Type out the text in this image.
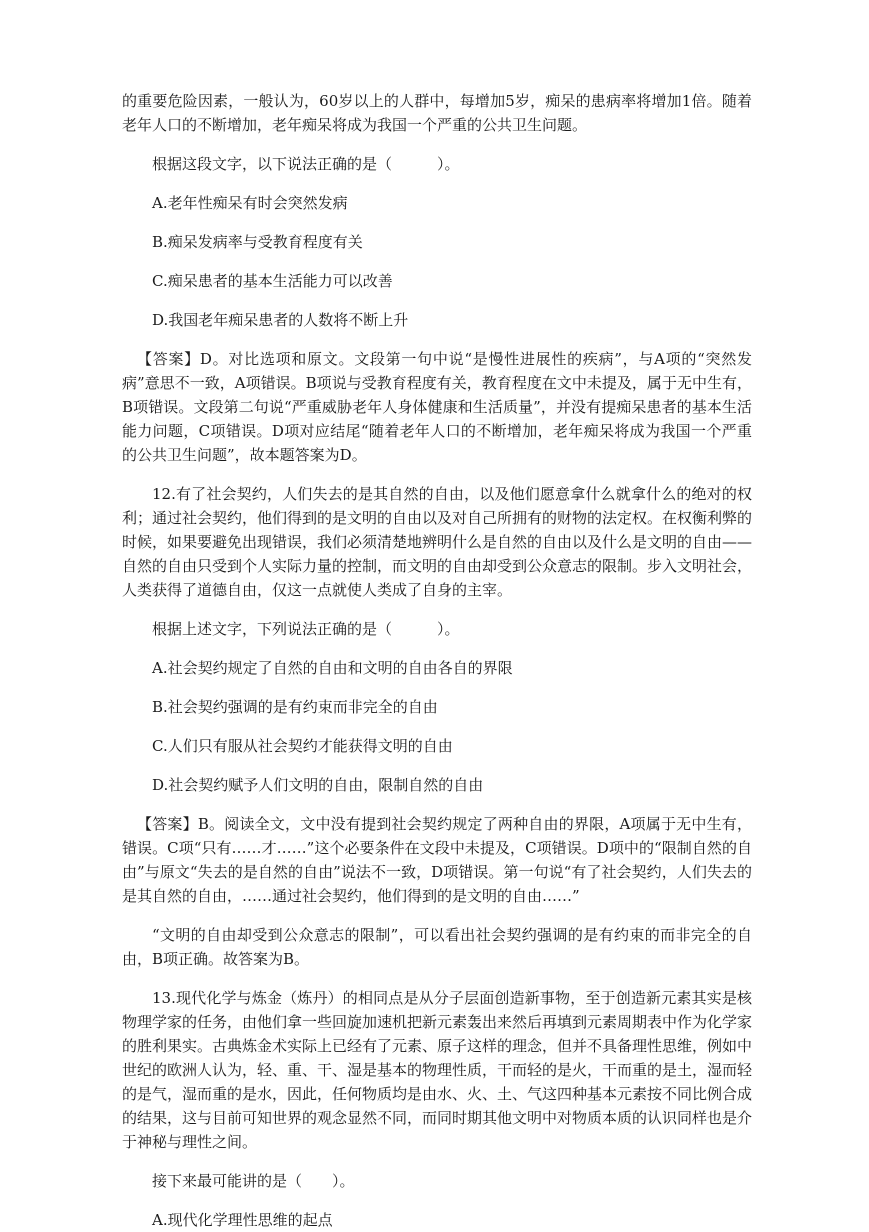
的重要危险因素，一般认为，60岁以上的人群中，每增加5岁，痴呆的患病率将增加1倍。随着老年人口的不断增加，老年痴呆将成为我国一个严重的公共卫生问题。

根据这段文字，以下说法正确的是（　　　）。

A.老年性痴呆有时会突然发病

B.痴呆发病率与受教育程度有关

C.痴呆患者的基本生活能力可以改善

D.我国老年痴呆患者的人数将不断上升

【答案】D。对比选项和原文。文段第一句中说“是慢性进展性的疾病”，与A项的“突然发病”意思不一致，A项错误。B项说与受教育程度有关，教育程度在文中未提及，属于无中生有，B项错误。文段第二句说“严重威胁老年人身体健康和生活质量”，并没有提痴呆患者的基本生活能力问题，C项错误。D项对应结尾“随着老年人口的不断增加，老年痴呆将成为我国一个严重的公共卫生问题”，故本题答案为D。

12.有了社会契约，人们失去的是其自然的自由，以及他们愿意拿什么就拿什么的绝对的权利；通过社会契约，他们得到的是文明的自由以及对自己所拥有的财物的法定权。在权衡利弊的时候，如果要避免出现错误，我们必须清楚地辨明什么是自然的自由以及什么是文明的自由——自然的自由只受到个人实际力量的控制，而文明的自由却受到公众意志的限制。步入文明社会，人类获得了道德自由，仅这一点就使人类成了自身的主宰。

根据上述文字，下列说法正确的是（　　　）。

A.社会契约规定了自然的自由和文明的自由各自的界限

B.社会契约强调的是有约束而非完全的自由

C.人们只有服从社会契约才能获得文明的自由

D.社会契约赋予人们文明的自由，限制自然的自由

【答案】B。阅读全文，文中没有提到社会契约规定了两种自由的界限，A项属于无中生有，错误。C项“只有……才……”这个必要条件在文段中未提及，C项错误。D项中的“限制自然的自由”与原文“失去的是自然的自由”说法不一致，D项错误。第一句说“有了社会契约，人们失去的是其自然的自由，……通过社会契约，他们得到的是文明的自由……”

“文明的自由却受到公众意志的限制”，可以看出社会契约强调的是有约束的而非完全的自由，B项正确。故答案为B。

13.现代化学与炼金（炼丹）的相同点是从分子层面创造新事物，至于创造新元素其实是核物理学家的任务，由他们拿一些回旋加速机把新元素轰出来然后再填到元素周期表中作为化学家的胜利果实。古典炼金术实际上已经有了元素、原子这样的理念，但并不具备理性思维，例如中世纪的欧洲人认为，轻、重、干、湿是基本的物理性质，干而轻的是火，干而重的是土，湿而轻的是气，湿而重的是水，因此，任何物质均是由水、火、土、气这四种基本元素按不同比例合成的结果，这与目前可知世界的观念显然不同，而同时期其他文明中对物质本质的认识同样也是介于神秘与理性之间。

接下来最可能讲的是（　　）。

A.现代化学理性思维的起点
